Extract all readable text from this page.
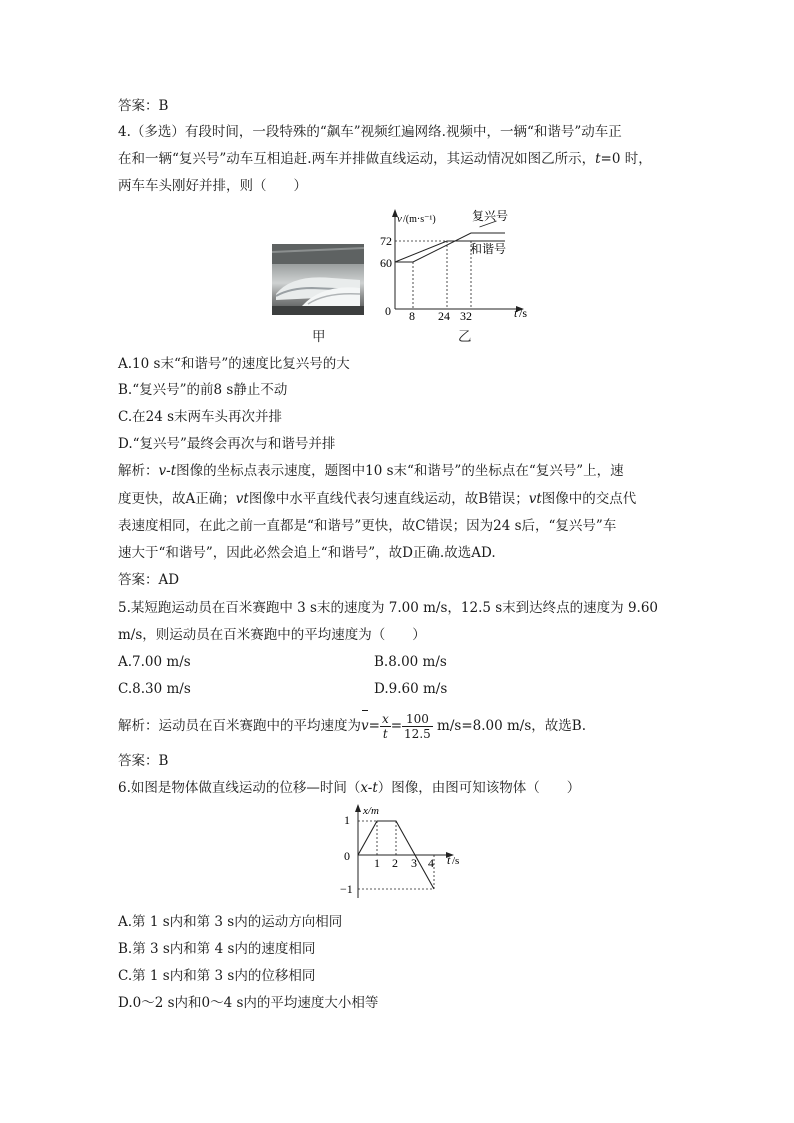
答案：B
4.（多选）有段时间，一段特殊的“飙车”视频红遍网络.视频中，一辆“和谐号”动车正
在和一辆“复兴号”动车互相追赶.两车并排做直线运动，其运动情况如图乙所示，t=0 时，
两车车头刚好并排，则（　　）
甲	乙
v /(m·s⁻¹)	复兴号
和谐号
72
60
0 8 24 32	t /s
A.10 s末“和谐号”的速度比复兴号的大
B.“复兴号”的前8 s静止不动
C.在24 s末两车头再次并排
D.“复兴号”最终会再次与和谐号并排
解析：v-t图像的坐标点表示速度，题图中10 s末“和谐号”的坐标点在“复兴号”上，速
度更快，故A正确；vt图像中水平直线代表匀速直线运动，故B错误；vt图像中的交点代
表速度相同，在此之前一直都是“和谐号”更快，故C错误；因为24 s后，“复兴号”车
速大于“和谐号”，因此必然会追上“和谐号”，故D正确.故选AD.
答案：AD
5.某短跑运动员在百米赛跑中 3 s末的速度为 7.00 m/s，12.5 s末到达终点的速度为 9.60
m/s，则运动员在百米赛跑中的平均速度为（　　）
A.7.00 m/s	B.8.00 m/s
C.8.30 m/s	D.9.60 m/s
解析：运动员在百米赛跑中的平均速度为$v= \frac{x}{t} = \frac{100}{12.5} m/s=8.00$ m/s，故选B.
答案：B
6.如图是物体做直线运动的位移—时间（x-t）图像，由图可知该物体（　　）
x/m
1
0
−1
1 2 3 4 t /s
A.第 1 s内和第 3 s内的运动方向相同
B.第 3 s内和第 4 s内的速度相同
C.第 1 s内和第 3 s内的位移相同
D.0～2 s内和0～4 s内的平均速度大小相等
